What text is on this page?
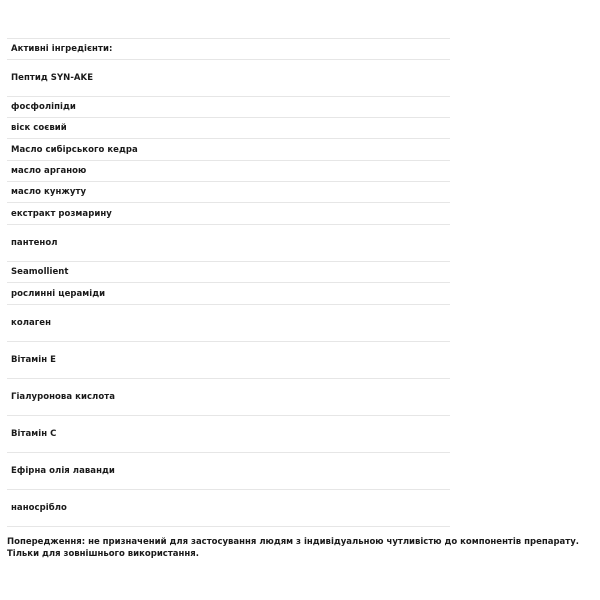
Активні інгредієнти:
Пептид SYN-AKE
фосфоліпіди
віск соєвий
Масло сибірського кедра
масло арганою
масло кунжуту
екстракт розмарину
пантенол
Seamollient
рослинні цераміди
колаген
Вітамін E
Гіалуронова кислота
Вітамін C
Ефірна олія лаванди
наносрібло
Попередження: не призначений для застосування людям з індивідуальною чутливістю до компонентів препарату. Тільки для зовнішнього використання.
